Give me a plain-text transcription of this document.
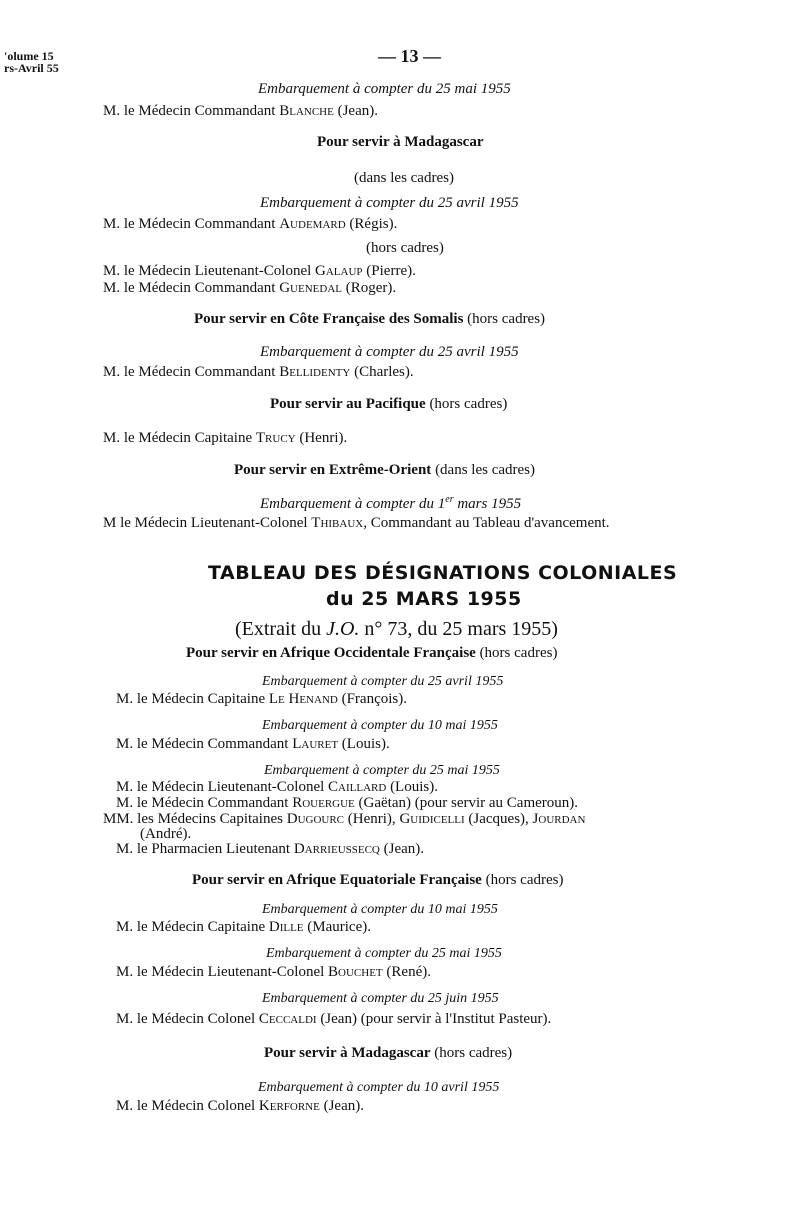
'olume 15
rs-Avril 55
— 13 —
Embarquement à compter du 25 mai 1955
M. le Médecin Commandant Blanche (Jean).
Pour servir à Madagascar
(dans les cadres)
Embarquement à compter du 25 avril 1955
M. le Médecin Commandant Audemard (Régis).
(hors cadres)
M. le Médecin Lieutenant-Colonel Galaup (Pierre).
M. le Médecin Commandant Guenedal (Roger).
Pour servir en Côte Française des Somalis (hors cadres)
Embarquement à compter du 25 avril 1955
M. le Médecin Commandant Bellidenty (Charles).
Pour servir au Pacifique (hors cadres)
M. le Médecin Capitaine Trucy (Henri).
Pour servir en Extrême-Orient (dans les cadres)
Embarquement à compter du 1er mars 1955
M le Médecin Lieutenant-Colonel Thibaux, Commandant au Tableau d'avancement.
TABLEAU DES DÉSIGNATIONS COLONIALES
du 25 MARS 1955
(Extrait du J.O. n° 73, du 25 mars 1955)
Pour servir en Afrique Occidentale Française (hors cadres)
Embarquement à compter du 25 avril 1955
M. le Médecin Capitaine Le Henand (François).
Embarquement à compter du 10 mai 1955
M. le Médecin Commandant Lauret (Louis).
Embarquement à compter du 25 mai 1955
M. le Médecin Lieutenant-Colonel Caillard (Louis).
M. le Médecin Commandant Rouergue (Gaëtan) (pour servir au Cameroun).
MM. les Médecins Capitaines Dugourc (Henri), Guidicelli (Jacques), Jourdan
(André).
M. le Pharmacien Lieutenant Darrieussecq (Jean).
Pour servir en Afrique Equatoriale Française (hors cadres)
Embarquement à compter du 10 mai 1955
M. le Médecin Capitaine Dille (Maurice).
Embarquement à compter du 25 mai 1955
M. le Médecin Lieutenant-Colonel Bouchet (René).
Embarquement à compter du 25 juin 1955
M. le Médecin Colonel Ceccaldi (Jean) (pour servir à l'Institut Pasteur).
Pour servir à Madagascar (hors cadres)
Embarquement à compter du 10 avril 1955
M. le Médecin Colonel Kerforne (Jean).
